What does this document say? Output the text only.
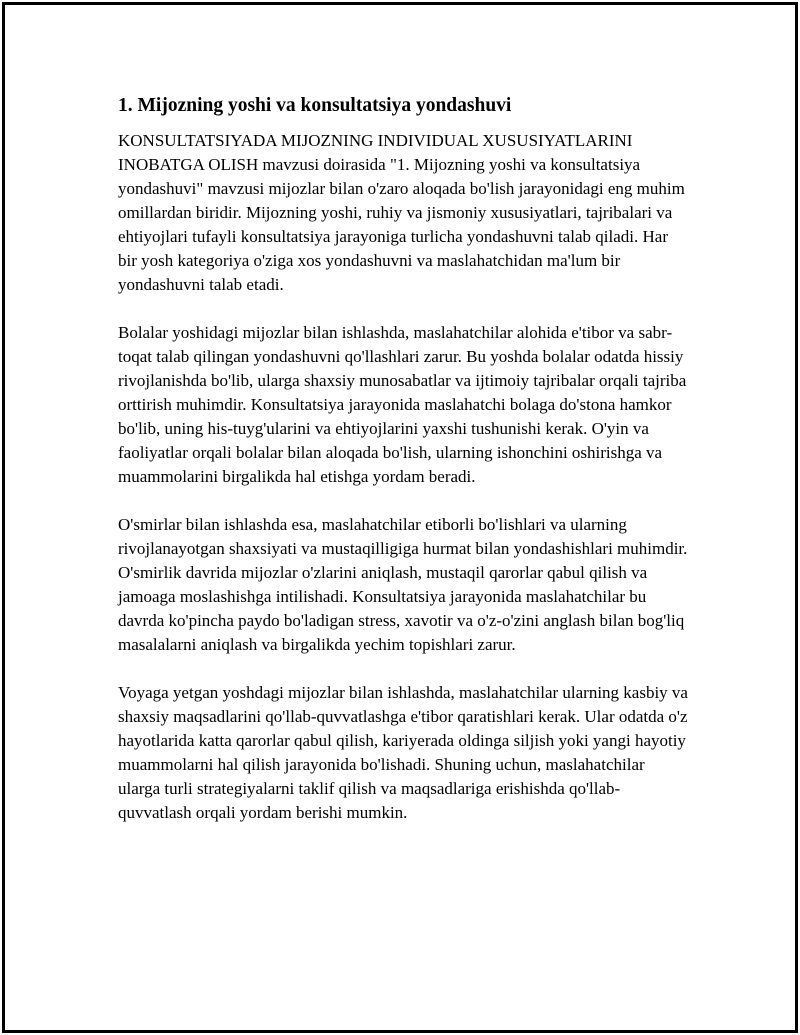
1. Mijozning yoshi va konsultatsiya yondashuvi

KONSULTATSIYADA MIJOZNING INDIVIDUAL XUSUSIYATLARINI INOBATGA OLISH mavzusi doirasida "1. Mijozning yoshi va konsultatsiya yondashuvi" mavzusi mijozlar bilan o'zaro aloqada bo'lish jarayonidagi eng muhim omillardan biridir. Mijozning yoshi, ruhiy va jismoniy xususiyatlari, tajribalari va ehtiyojlari tufayli konsultatsiya jarayoniga turlicha yondashuvni talab qiladi. Har bir yosh kategoriya o'ziga xos yondashuvni va maslahatchidan ma'lum bir yondashuvni talab etadi.

Bolalar yoshidagi mijozlar bilan ishlashda, maslahatchilar alohida e'tibor va sabr-toqat talab qilingan yondashuvni qo'llashlari zarur. Bu yoshda bolalar odatda hissiy rivojlanishda bo'lib, ularga shaxsiy munosabatlar va ijtimoiy tajribalar orqali tajriba orttirish muhimdir. Konsultatsiya jarayonida maslahatchi bolaga do'stona hamkor bo'lib, uning his-tuyg'ularini va ehtiyojlarini yaxshi tushunishi kerak. O'yin va faoliyatlar orqali bolalar bilan aloqada bo'lish, ularning ishonchini oshirishga va muammolarini birgalikda hal etishga yordam beradi.

O'smirlar bilan ishlashda esa, maslahatchilar etiborli bo'lishlari va ularning rivojlanayotgan shaxsiyati va mustaqilligiga hurmat bilan yondashishlari muhimdir. O'smirlik davrida mijozlar o'zlarini aniqlash, mustaqil qarorlar qabul qilish va jamoaga moslashishga intilishadi. Konsultatsiya jarayonida maslahatchilar bu davrda ko'pincha paydo bo'ladigan stress, xavotir va o'z-o'zini anglash bilan bog'liq masalalarni aniqlash va birgalikda yechim topishlari zarur.

Voyaga yetgan yoshdagi mijozlar bilan ishlashda, maslahatchilar ularning kasbiy va shaxsiy maqsadlarini qo'llab-quvvatlashga e'tibor qaratishlari kerak. Ular odatda o'z hayotlarida katta qarorlar qabul qilish, kariyerada oldinga siljish yoki yangi hayotiy muammolarni hal qilish jarayonida bo'lishadi. Shuning uchun, maslahatchilar ularga turli strategiyalarni taklif qilish va maqsadlariga erishishda qo'llab-quvvatlash orqali yordam berishi mumkin.
